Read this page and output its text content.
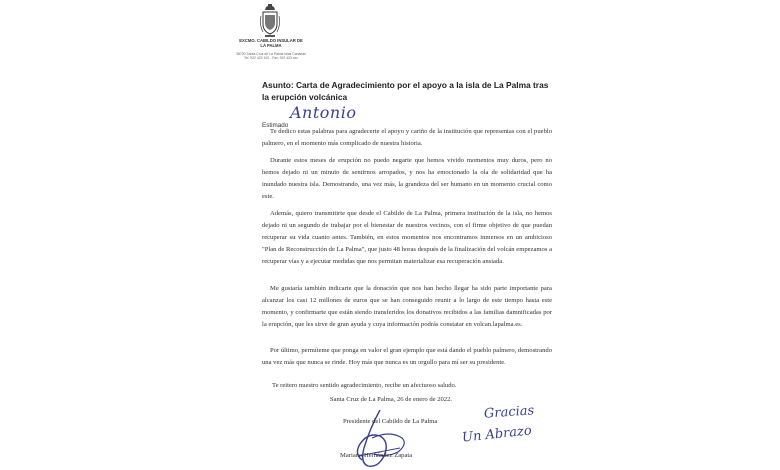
EXCMO. CABILDO INSULAR DE LA PALMA
38700 Santa Cruz de La Palma Islas Canarias
Tel. 922 423 100 - Fax: 922 423 xxx
Asunto: Carta de Agradecimiento por el apoyo a la isla de La Palma tras la erupción volcánica
Estimado
Antonio

Te dedico estas palabras para agradecerte el apoyo y cariño de la institución que representas con el pueblo palmero, en el momento más complicado de nuestra historia.

Durante estos meses de erupción no puedo negarte que hemos vivido momentos muy duros, pero no hemos dejado ni un minuto de sentirnos arropados, y nos ha emocionado la ola de solidaridad que ha inundado nuestra isla. Demostrando, una vez más, la grandeza del ser humano en un momento crucial como este.

Además, quiero transmitirte que desde el Cabildo de La Palma, primera institución de la isla, no hemos dejado ni un segundo de trabajar por el bienestar de nuestros vecinos, con el firme objetivo de que puedan recuperar su vida cuanto antes. También, en estos momentos nos encontramos inmersos en un ambicioso "Plan de Reconstrucción de La Palma", que justo 48 horas después de la finalización del volcán empezamos a recuperar vías y a ejecutar medidas que nos permitan materializar esa recuperación ansiada.

Me gustaría también indicarte que la donación que nos han hecho llegar ha sido parte importante para alcanzar los casi 12 millones de euros que se han conseguido reunir a lo largo de este tiempo hasta este momento, y confirmarte que están siendo transferidos los donativos recibidos a las familias damnificadas por la erupción, que les sirve de gran ayuda y cuya información podrás constatar en volcan.lapalma.es.

Por último, permíteme que ponga en valor el gran ejemplo que está dando el pueblo palmero, demostrando una vez más que nunca se rinde. Hoy más que nunca es un orgullo para mí ser su presidente.

Te reitero nuestro sentido agradecimiento, recibe un afectuoso saludo.
Santa Cruz de La Palma, 26 de enero de 2022.
Presidente del Cabildo de La Palma
Mariano Hernández Zapata
Gracias
Un Abrazo
